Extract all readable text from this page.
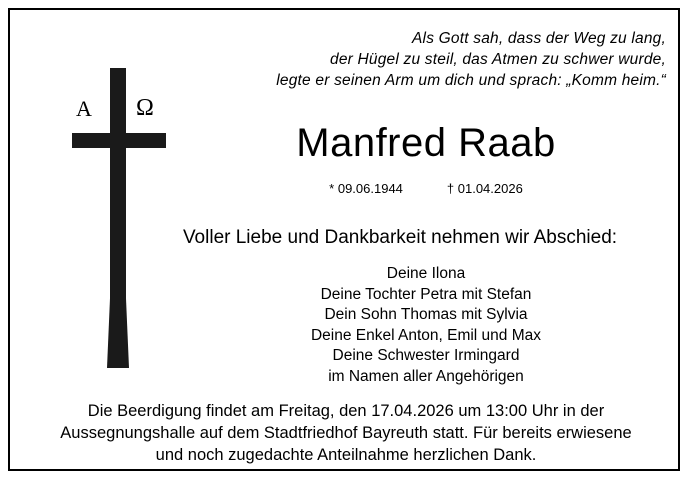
A Ω
Als Gott sah, dass der Weg zu lang,
der Hügel zu steil, das Atmen zu schwer wurde,
legte er seinen Arm um dich und sprach: „Komm heim.“
Manfred Raab
* 09.06.1944	† 01.04.2026
Voller Liebe und Dankbarkeit nehmen wir Abschied:
Deine Ilona
Deine Tochter Petra mit Stefan
Dein Sohn Thomas mit Sylvia
Deine Enkel Anton, Emil und Max
Deine Schwester Irmingard
im Namen aller Angehörigen
Die Beerdigung findet am Freitag, den 17.04.2026 um 13:00 Uhr in der
Aussegnungshalle auf dem Stadtfriedhof Bayreuth statt. Für bereits erwiesene
und noch zugedachte Anteilnahme herzlichen Dank.
